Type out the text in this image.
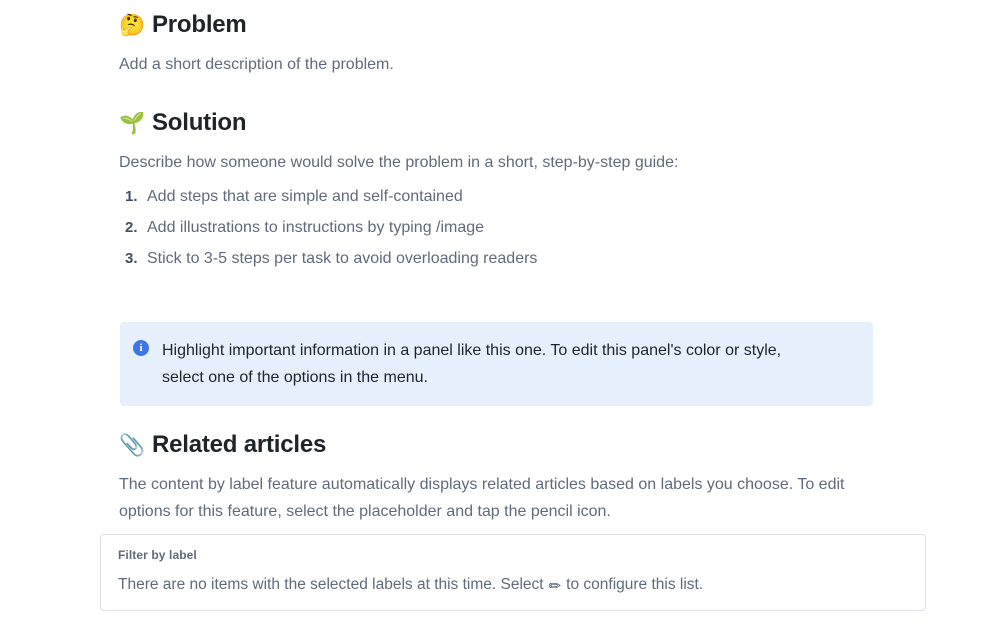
🤔 Problem

Add a short description of the problem.

🌱 Solution

Describe how someone would solve the problem in a short, step-by-step guide:

1. Add steps that are simple and self-contained
2. Add illustrations to instructions by typing /image
3. Stick to 3-5 steps per task to avoid overloading readers
i	Highlight important information in a panel like this one. To edit this panel's color or style, select one of the options in the menu.
📎 Related articles

The content by label feature automatically displays related articles based on labels you choose. To edit options for this feature, select the placeholder and tap the pencil icon.

Filter by label
There are no items with the selected labels at this time. Select ✏ to configure this list.
